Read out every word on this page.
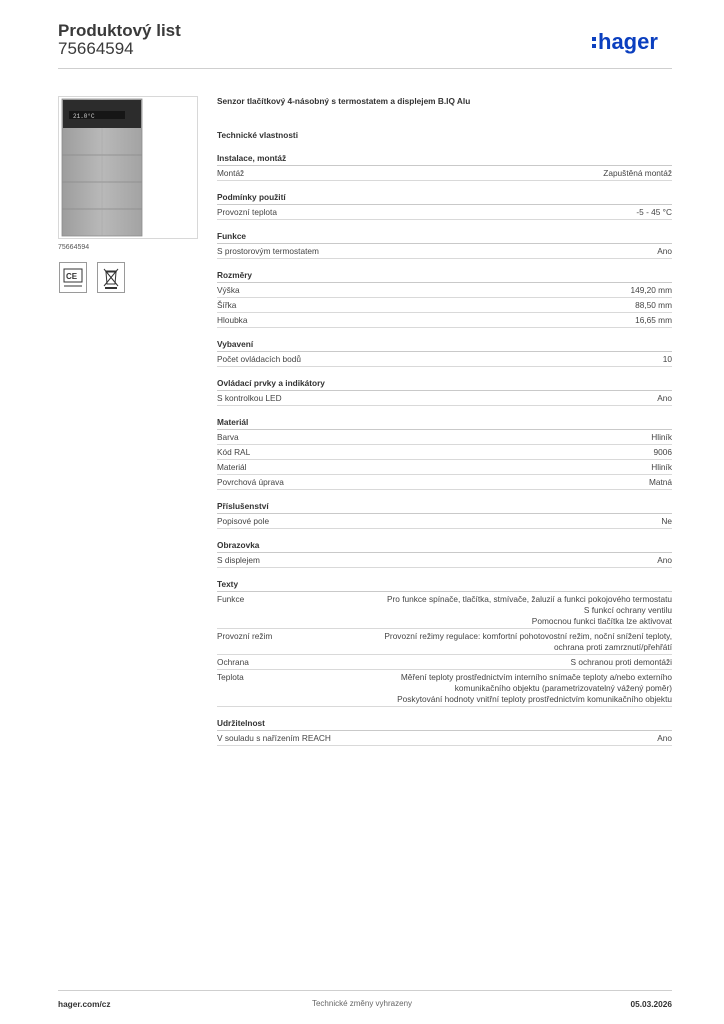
Produktový list
75664594	hager
21.0°C
75664594
CE
Senzor tlačítkový 4-násobný s termostatem a displejem B.IQ Alu
Technické vlastnosti
Instalace, montáž
Montáž	Zapuštěná montáž
Podmínky použití
Provozní teplota	-5 - 45 °C
Funkce
S prostorovým termostatem	Ano
Rozměry
Výška	149,20 mm
Šířka	88,50 mm
Hloubka	16,65 mm
Vybavení
Počet ovládacích bodů	10
Ovládací prvky a indikátory
S kontrolkou LED	Ano
Materiál
Barva	Hliník
Kód RAL	9006
Materiál	Hliník
Povrchová úprava	Matná
Příslušenství
Popisové pole	Ne
Obrazovka
S displejem	Ano
Texty
Funkce	Pro funkce spínače, tlačítka, stmívače, žaluzií a funkci pokojového termostatu
S funkcí ochrany ventilu
Pomocnou funkci tlačítka lze aktivovat
Provozní režim	Provozní režimy regulace: komfortní pohotovostní režim, noční snížení teploty,
ochrana proti zamrznutí/přehřátí
Ochrana	S ochranou proti demontáži
Teplota	Měření teploty prostřednictvím interního snímače teploty a/nebo externího
komunikačního objektu (parametrizovatelný vážený poměr)
Poskytování hodnoty vnitřní teploty prostřednictvím komunikačního objektu
Udržitelnost
V souladu s nařízením REACH	Ano
hager.com/cz	Technické změny vyhrazeny	05.03.2026
